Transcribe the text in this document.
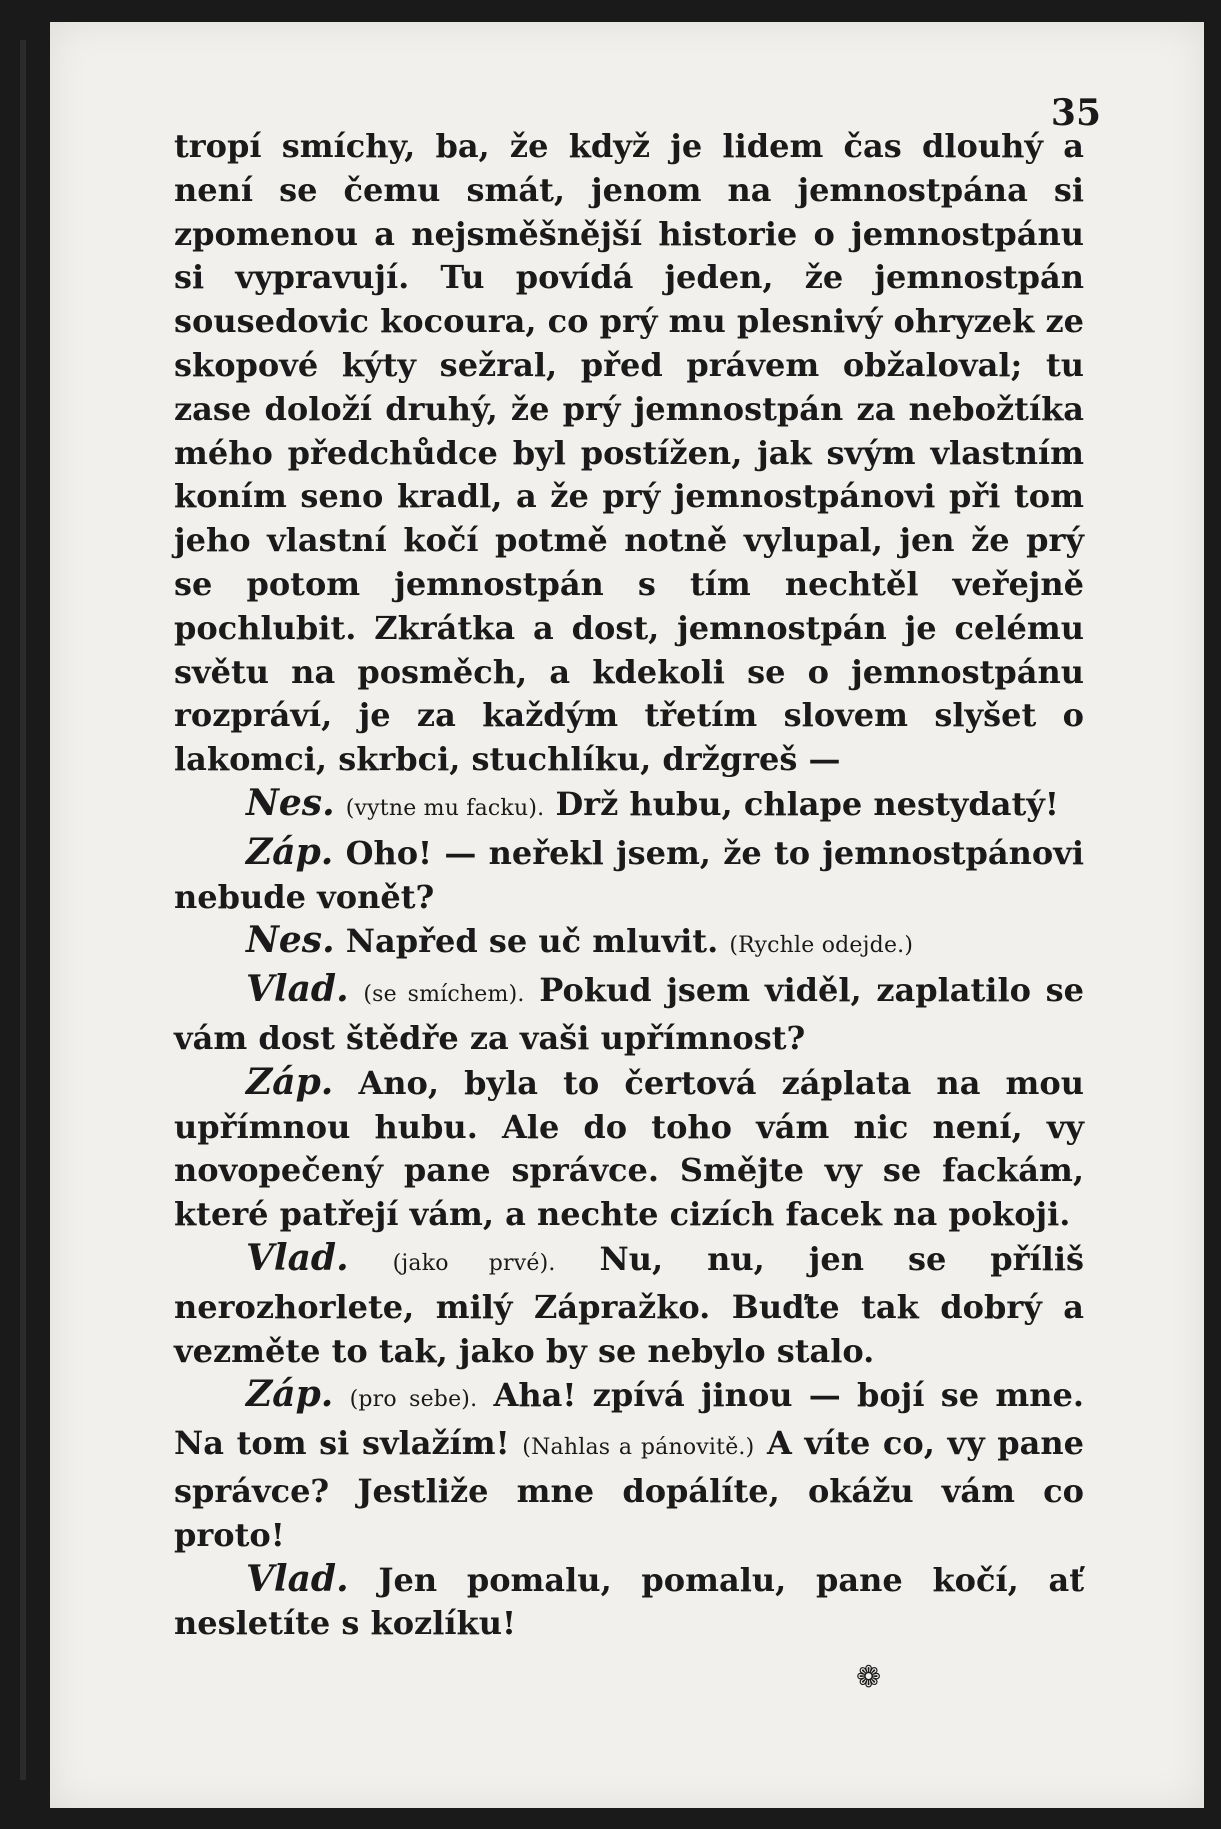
35

tropí smíchy, ba, že když je lidem čas dlouhý a není se čemu smát, jenom na jemnostpána si zpomenou a nejsměšnější historie o jemnostpánu si vypravují. Tu povídá jeden, že jemnostpán sousedovic kocoura, co prý mu plesnivý ohryzek ze skopové kýty sežral, před právem obžaloval; tu zase doloží druhý, že prý jemnostpán za nebožtíka mého předchůdce byl postížen, jak svým vlastním koním seno kradl, a že prý jemnostpánovi při tom jeho vlastní kočí potmě notně vylupal, jen že prý se potom jemnostpán s tím nechtěl veřejně pochlubit. Zkrátka a dost, jemnostpán je celému světu na posměch, a kdekoli se o jemnostpánu rozpráví, je za každým třetím slovem slyšet o lakomci, skrbci, stuchlíku, držgreš —

Nes. (vytne mu facku). Drž hubu, chlape nestydatý!

Záp. Oho! — neřekl jsem, že to jemnostpánovi nebude vonět?

Nes. Napřed se uč mluvit. (Rychle odejde.)

Vlad. (se smíchem). Pokud jsem viděl, zaplatilo se vám dost štědře za vaši upřímnost?

Záp. Ano, byla to čertová záplata na mou upřímnou hubu. Ale do toho vám nic není, vy novopečený pane správce. Smějte vy se fackám, které patřejí vám, a nechte cizích facek na pokoji.

Vlad. (jako prvé). Nu, nu, jen se příliš nerozhorlete, milý Zápražko. Buďte tak dobrý a vezměte to tak, jako by se nebylo stalo.

Záp. (pro sebe). Aha! zpívá jinou — bojí se mne. Na tom si svlažím! (Nahlas a pánovitě.) A víte co, vy pane správce? Jestliže mne dopálíte, okážu vám co proto!

Vlad. Jen pomalu, pomalu, pane kočí, ať nesletíte s kozlíku!

❁
